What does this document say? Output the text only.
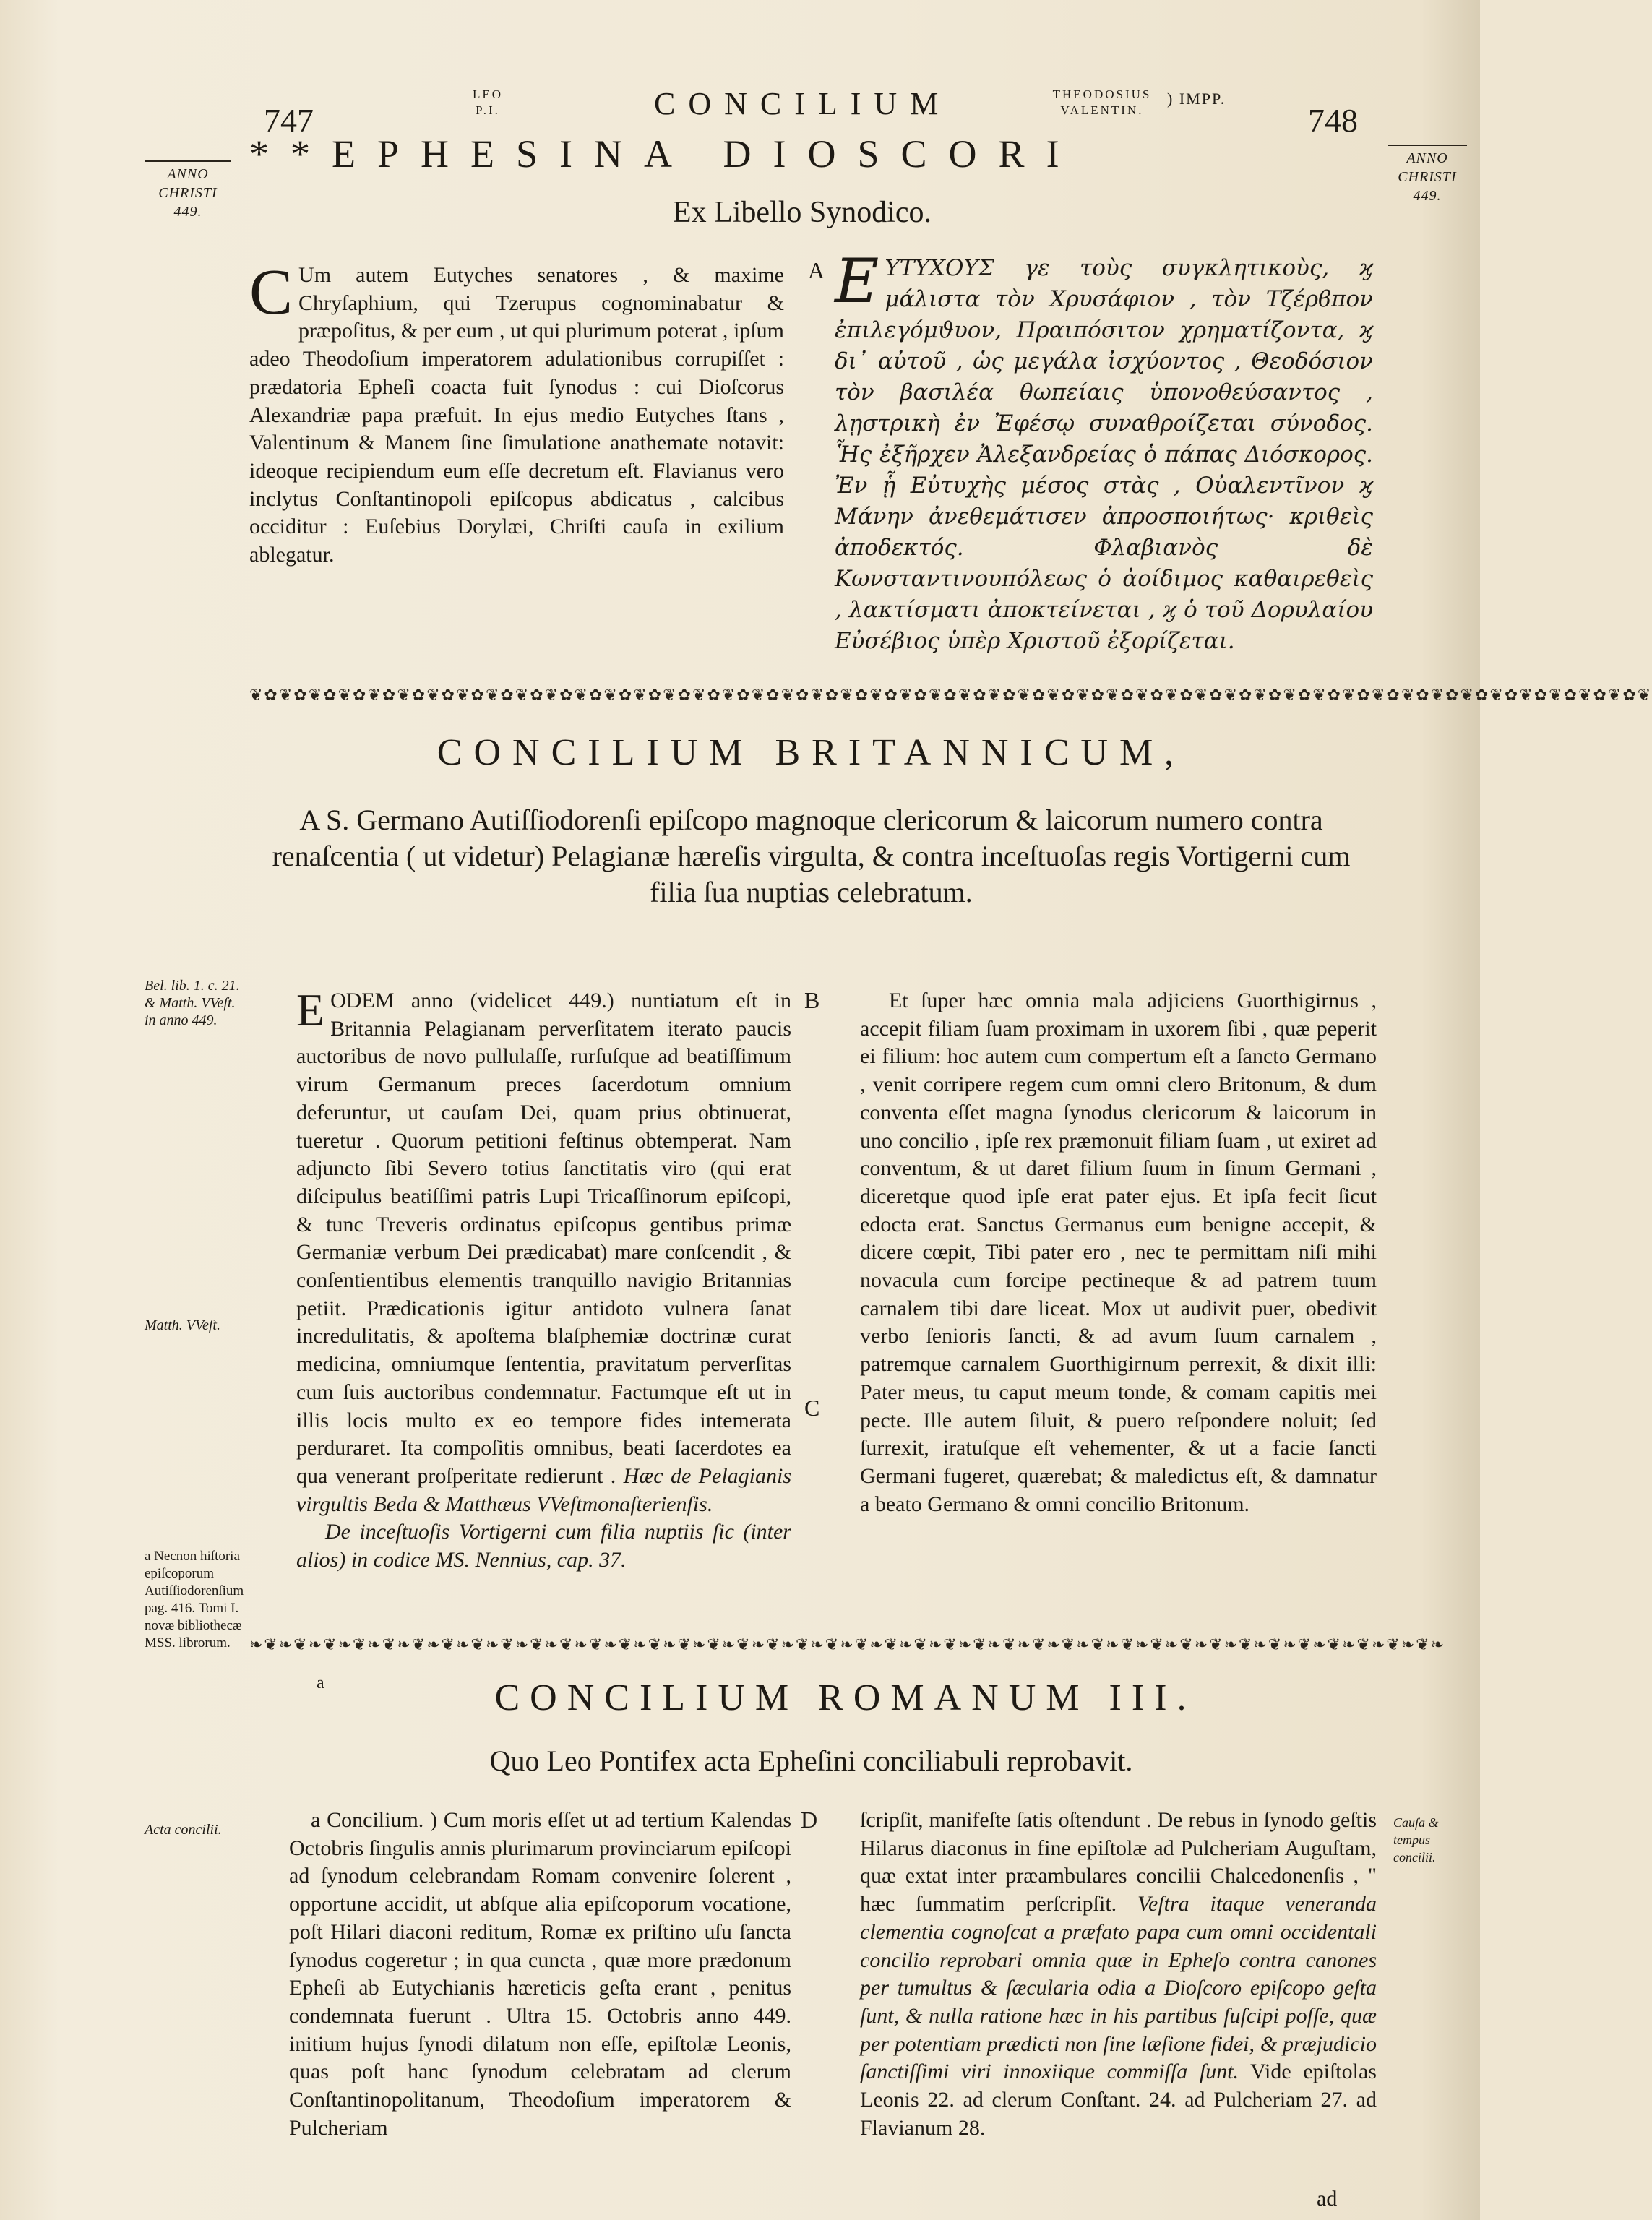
747
LEO
P.I.	CONCILIUM	THEODOSIUS
VALENTIN.
) IMPP.
748
ANNO
CHRISTI
449.
ANNO
CHRISTI
449.
**EPHESINA DIOSCORI
Ex Libello Synodico.
C Um autem Eutyches senatores , & maxime Chryſaphium, qui Tzerupus cognominabatur & præpoſitus, & per eum , ut qui plurimum poterat , ipſum adeo Theodoſium imperatorem adulationibus corrupiſſet : prædatoria Epheſi coacta fuit ſynodus : cui Dioſcorus Alexandriæ papa præfuit. In ejus medio Eutyches ſtans , Valentinum & Manem ſine ſimulatione anathemate notavit: ideoque recipiendum eum eſſe decretum eſt. Flavianus vero inclytus Conſtantinopoli epiſcopus abdicatus , calcibus occiditur : Euſebius Dorylæi, Chriſti cauſa in exilium ablegatur.
A Ε ΥΤΥΧΟΥΣ γε τοὺς συγκλητικοὺς, ϗ μάλιστα τὸν Χρυσάφιον , τὸν Τζέρϐπον ἐπιλεγόμϑυον, Πραιπόσιτον χρηματίζοντα, ϗ δι᾽ αὐτοῦ , ὡς μεγάλα ἰσχύοντος , Θεοδόσιον τὸν βασιλέα θωπείαις ὑπονοθεύσαντος , λῃστρικὴ ἐν Ἐφέσῳ συναθροίζεται σύνοδος. Ἧς ἐξῆρχεν Ἀλεξανδρείας ὁ πάπας Διόσκορος. Ἐν ᾗ Εὐτυχὴς μέσος στὰς , Οὐαλεντῖνον ϗ Μάνην ἀνεθεμάτισεν ἀπροσποιήτως· κριθεὶς ἀποδεκτός. Φλαβιανὸς δὲ Κωνσταντινουπόλεως ὁ ἀοίδιμος καθαιρεθεὶς , λακτίσματι ἀποκτείνεται , ϗ ὁ τοῦ Δορυλαίου Εὐσέβιος ὑπὲρ Χριστοῦ ἐξορίζεται.
❦✿❦✿❦✿❦✿❦✿❦✿❦✿❦✿❦✿❦✿❦✿❦✿❦✿❦✿❦✿❦✿❦✿❦✿❦✿❦✿❦✿❦✿❦✿❦✿❦✿❦✿❦✿❦✿❦✿❦✿❦✿❦✿❦✿❦✿❦✿❦✿❦✿❦✿❦✿❦✿❦✿❦✿❦✿❦✿❦✿❦✿❦✿❦
CONCILIUM BRITANNICUM,
A S. Germano Autiſſiodorenſi epiſcopo magnoque clericorum & laicorum numero contra renaſcentia ( ut videtur) Pelagianæ hæreſis virgulta, & contra inceſtuoſas regis Vortigerni cum filia ſua nuptias celebratum.
Bel. lib. 1. c. 21. & Matth. VVeſt. in anno 449.
Matth. VVeſt.
a Necnon hiſtoria epiſcoporum Autiſſiodorenſium pag. 416. Tomi I. novæ bibliothecæ MSS. librorum.
E ODEM anno (videlicet 449.) nuntiatum eſt in Britannia Pelagianam perverſitatem iterato paucis auctoribus de novo pullulaſſe, rurſuſque ad beatiſſimum virum Germanum preces ſacerdotum omnium deferuntur, ut cauſam Dei, quam prius obtinuerat, tueretur . Quorum petitioni feſtinus obtemperat. Nam adjuncto ſibi Severo totius ſanctitatis viro (qui erat diſcipulus beatiſſimi patris Lupi Tricaſſinorum epiſcopi, & tunc Treveris ordinatus epiſcopus gentibus primæ Germaniæ verbum Dei prædicabat) mare conſcendit , & conſentientibus elementis tranquillo navigio Britannias petiit. Prædicationis igitur antidoto vulnera ſanat incredulitatis, & apoſtema blaſphemiæ doctrinæ curat medicina, omniumque ſententia, pravitatum perverſitas cum ſuis auctoribus condemnatur. Factumque eſt ut in illis locis multo ex eo tempore fides intemerata perduraret. Ita compoſitis omnibus, beati ſacerdotes ea qua venerant proſperitate redierunt . Hæc de Pelagianis virgultis Beda & Matthæus VVeſtmonaſterienſis.
De inceſtuoſis Vortigerni cum filia nuptiis ſic (inter alios) in codice MS. Nennius, cap. 37.
B
C
Et ſuper hæc omnia mala adjiciens Guorthigirnus , accepit filiam ſuam proximam in uxorem ſibi , quæ peperit ei filium: hoc autem cum compertum eſt a ſancto Germano , venit corripere regem cum omni clero Britonum, & dum conventa eſſet magna ſynodus clericorum & laicorum in uno concilio , ipſe rex præmonuit filiam ſuam , ut exiret ad conventum, & ut daret filium ſuum in ſinum Germani , diceretque quod ipſe erat pater ejus. Et ipſa fecit ſicut edocta erat. Sanctus Germanus eum benigne accepit, & dicere cœpit, Tibi pater ero , nec te permittam niſi mihi novacula cum forcipe pectineque & ad patrem tuum carnalem tibi dare liceat. Mox ut audivit puer, obedivit verbo ſenioris ſancti, & ad avum ſuum carnalem , patremque carnalem Guorthigirnum perrexit, & dixit illi: Pater meus, tu caput meum tonde, & comam capitis mei pecte. Ille autem ſiluit, & puero reſpondere noluit; ſed ſurrexit, iratuſque eſt vehementer, & ut a facie ſancti Germani fugeret, quærebat; & maledictus eſt, & damnatur a beato Germano & omni concilio Britonum.
❧❦❧❦❧❦❧❦❧❦❧❦❧❦❧❦❧❦❧❦❧❦❧❦❧❦❧❦❧❦❧❦❧❦❧❦❧❦❧❦❧❦❧❦❧❦❧❦❧❦❧❦❧❦❧❦❧❦❧❦❧❦❧❦❧❦❧❦❧❦❧❦❧❦❧❦❧❦❧❦❧
a	CONCILIUM ROMANUM III.
Quo Leo Pontifex acta Epheſini conciliabuli reprobavit.
Acta concilii.	Cauſa & tempus concilii.
a Concilium. ) Cum moris eſſet ut ad tertium Kalendas Octobris ſingulis annis plurimarum provinciarum epiſcopi ad ſynodum celebrandam Romam convenire ſolerent , opportune accidit, ut abſque alia epiſcoporum vocatione, poſt Hilari diaconi reditum, Romæ ex priſtino uſu ſancta ſynodus cogeretur ; in qua cuncta , quæ more prædonum Epheſi ab Eutychianis hæreticis geſta erant , penitus condemnata fuerunt . Ultra 15. Octobris anno 449. initium hujus ſynodi dilatum non eſſe, epiſtolæ Leonis, quas poſt hanc ſynodum celebratam ad clerum Conſtantinopolitanum, Theodoſium imperatorem & Pulcheriam
D ſcripſit, manifeſte ſatis oſtendunt . De rebus in ſynodo geſtis Hilarus diaconus in fine epiſtolæ ad Pulcheriam Auguſtam, quæ extat inter præambulares concilii Chalcedonenſis , " hæc ſummatim perſcripſit. Veſtra itaque veneranda clementia cognoſcat a præfato papa cum omni occidentali concilio reprobari omnia quæ in Epheſo contra canones per tumultus & ſæcularia odia a Dioſcoro epiſcopo geſta ſunt, & nulla ratione hæc in his partibus ſuſcipi poſſe, quæ per potentiam prædicti non ſine læſione fidei, & præjudicio ſanctiſſimi viri innoxiique commiſſa ſunt. Vide epiſtolas Leonis 22. ad clerum Conſtant. 24. ad Pulcheriam 27. ad Flavianum 28.
ad
